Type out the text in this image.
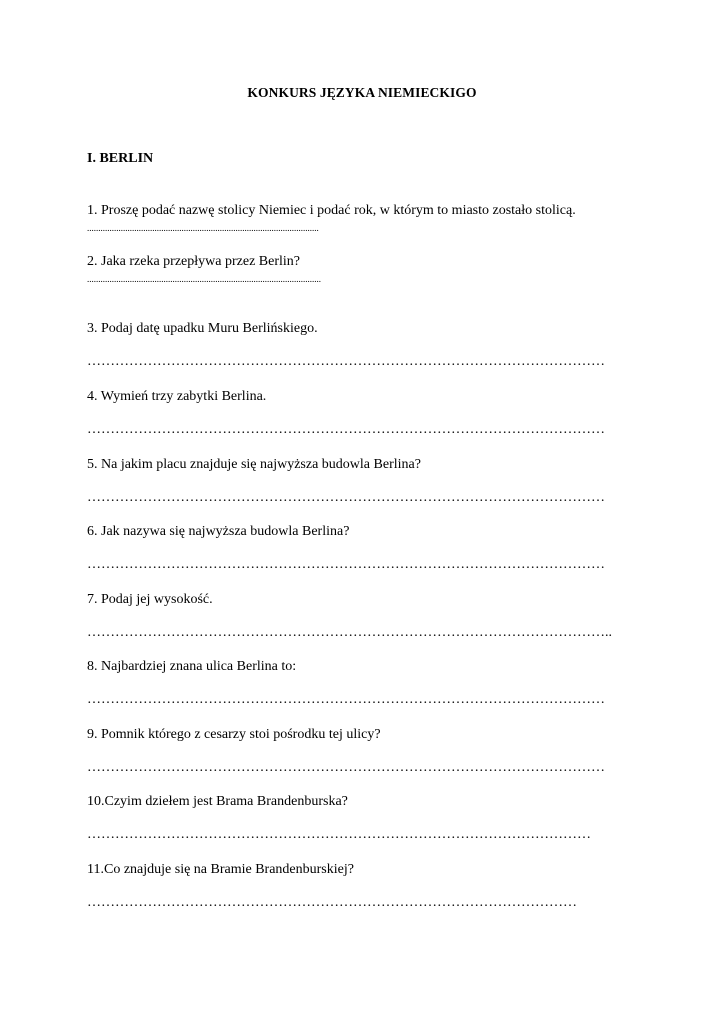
KONKURS JĘZYKA NIEMIECKIGO
I. BERLIN
1. Proszę podać nazwę stolicy Niemiec i podać rok, w którym to miasto zostało stolicą.
.......................................................................................................
2. Jaka rzeka przepływa przez Berlin?
........................................................................................................
3. Podaj datę upadku Muru Berlińskiego.
…………………………………………………………………………………………………
4. Wymień trzy zabytki Berlina.
…………………………………………………………………………………………………
5. Na jakim placu znajduje się najwyższa budowla Berlina?
…………………………………………………………………………………………………
6. Jak nazywa się najwyższa budowla Berlina?
…………………………………………………………………………………………………
7. Podaj jej wysokość.
…………………………………………………………………………………………………..
8. Najbardziej znana ulica Berlina to:
…………………………………………………………………………………………………
9. Pomnik którego z cesarzy stoi pośrodku tej ulicy?
…………………………………………………………………………………………………
10.Czyim dziełem jest Brama Brandenburska?
………………………………………………………………………………………………
11.Co znajduje się na Bramie Brandenburskiej?
……………………………………………………………………………………………
